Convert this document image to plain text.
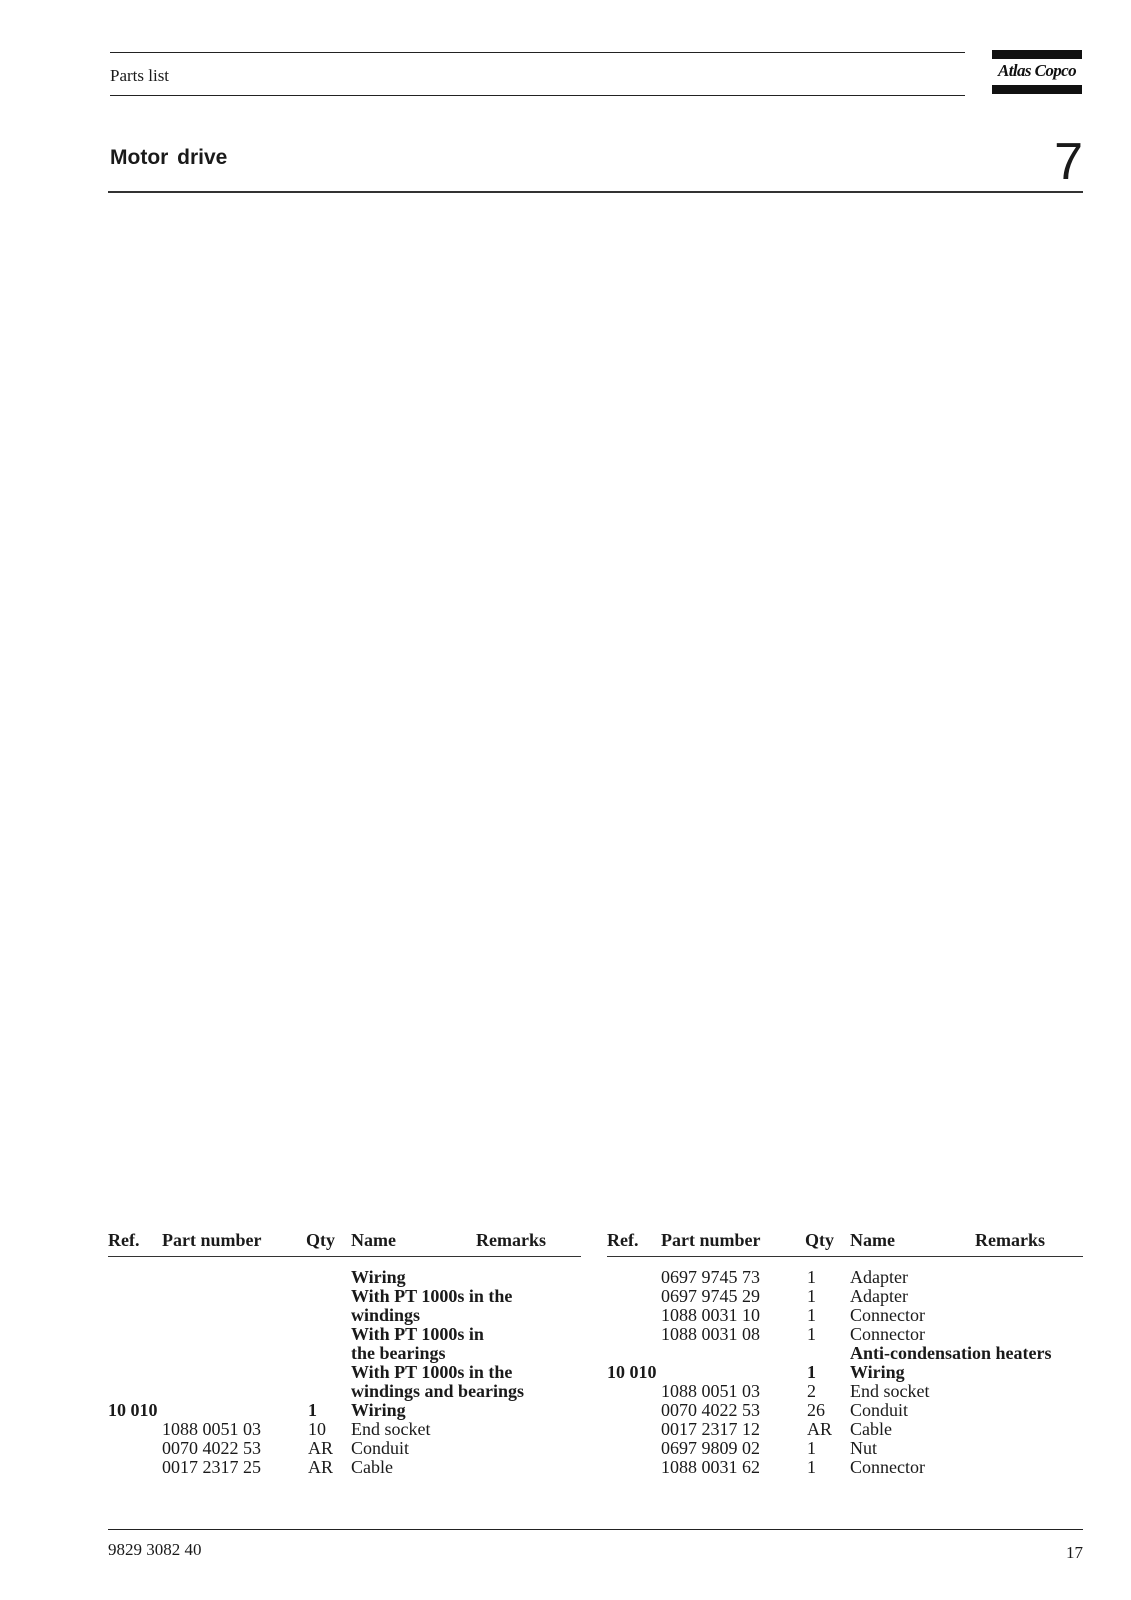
Parts list	Atlas Copco
Motor drive	7
Ref. Part number Qty Name	Remarks
Wiring
With PT 1000s in the
windings
With PT 1000s in
the bearings
With PT 1000s in the
windings and bearings
10 010	1 Wiring
1088 0051 03	10 End socket
0070 4022 53	AR Conduit
0017 2317 25	AR Cable
Ref. Part number Qty Name	Remarks
0697 9745 73	1 Adapter
0697 9745 29	1 Adapter
1088 0031 10	1 Connector
1088 0031 08	1 Connector
Anti-condensation heaters
10 010	1 Wiring
1088 0051 03	2 End socket
0070 4022 53	26 Conduit
0017 2317 12	AR Cable
0697 9809 02	1 Nut
1088 0031 62	1 Connector
9829 3082 40	17
